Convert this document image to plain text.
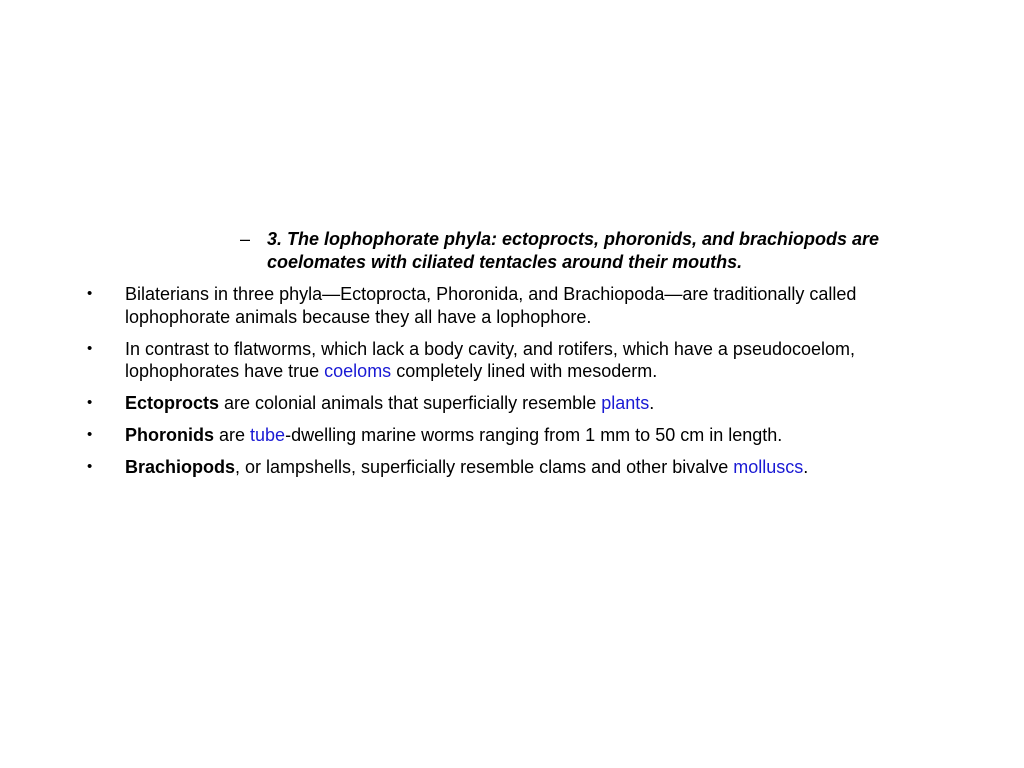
– 3. The lophophorate phyla: ectoprocts, phoronids, and brachiopods are coelomates with ciliated tentacles around their mouths.
• Bilaterians in three phyla—Ectoprocta, Phoronida, and Brachiopoda—are traditionally called lophophorate animals because they all have a lophophore.
• In contrast to flatworms, which lack a body cavity, and rotifers, which have a pseudocoelom, lophophorates have true coeloms completely lined with mesoderm.
• Ectoprocts are colonial animals that superficially resemble plants.
• Phoronids are tube-dwelling marine worms ranging from 1 mm to 50 cm in length.
• Brachiopods, or lampshells, superficially resemble clams and other bivalve molluscs.
